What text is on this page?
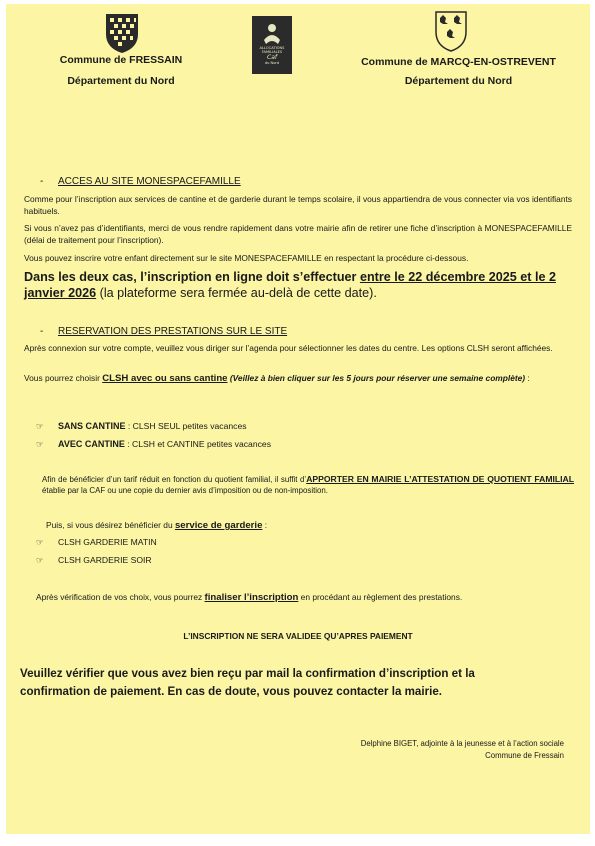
ALLOCATIONS
FAMILIALES
Caf
du Nord
Commune de FRESSAIN
Département du Nord
Commune de MARCQ-EN-OSTREVENT
Département du Nord
- ACCES AU SITE MONESPACEFAMILLE
Comme pour l’inscription aux services de cantine et de garderie durant le temps scolaire, il vous appartiendra de vous connecter via vos identifiants habituels.
Si vous n’avez pas d’identifiants, merci de vous rendre rapidement dans votre mairie afin de retirer une fiche d’inscription à MONESPACEFAMILLE (délai de traitement pour l’inscription).
Vous pouvez inscrire votre enfant directement sur le site MONESPACEFAMILLE en respectant la procédure ci-dessous.
Dans les deux cas, l’inscription en ligne doit s’effectuer entre le 22 décembre 2025 et le 2 janvier 2026 (la plateforme sera fermée au-delà de cette date).
- RESERVATION DES PRESTATIONS SUR LE SITE
Après connexion sur votre compte, veuillez vous diriger sur l’agenda pour sélectionner les dates du centre. Les options CLSH seront affichées.
Vous pourrez choisir CLSH avec ou sans cantine (Veillez à bien cliquer sur les 5 jours pour réserver une semaine complète) :
☞ SANS CANTINE : CLSH SEUL petites vacances
☞ AVEC CANTINE : CLSH et CANTINE petites vacances
Afin de bénéficier d’un tarif réduit en fonction du quotient familial, il suffit d’APPORTER EN MAIRIE L’ATTESTATION DE QUOTIENT FAMILIAL établie par la CAF ou une copie du dernier avis d’imposition ou de non-imposition.
Puis, si vous désirez bénéficier du service de garderie :
☞ CLSH GARDERIE MATIN
☞ CLSH GARDERIE SOIR
Après vérification de vos choix, vous pourrez finaliser l’inscription en procédant au règlement des prestations.
L’INSCRIPTION NE SERA VALIDEE QU’APRES PAIEMENT
Veuillez vérifier que vous avez bien reçu par mail la confirmation d’inscription et la confirmation de paiement. En cas de doute, vous pouvez contacter la mairie.
Delphine BIGET, adjointe à la jeunesse et à l’action sociale
Commune de Fressain
